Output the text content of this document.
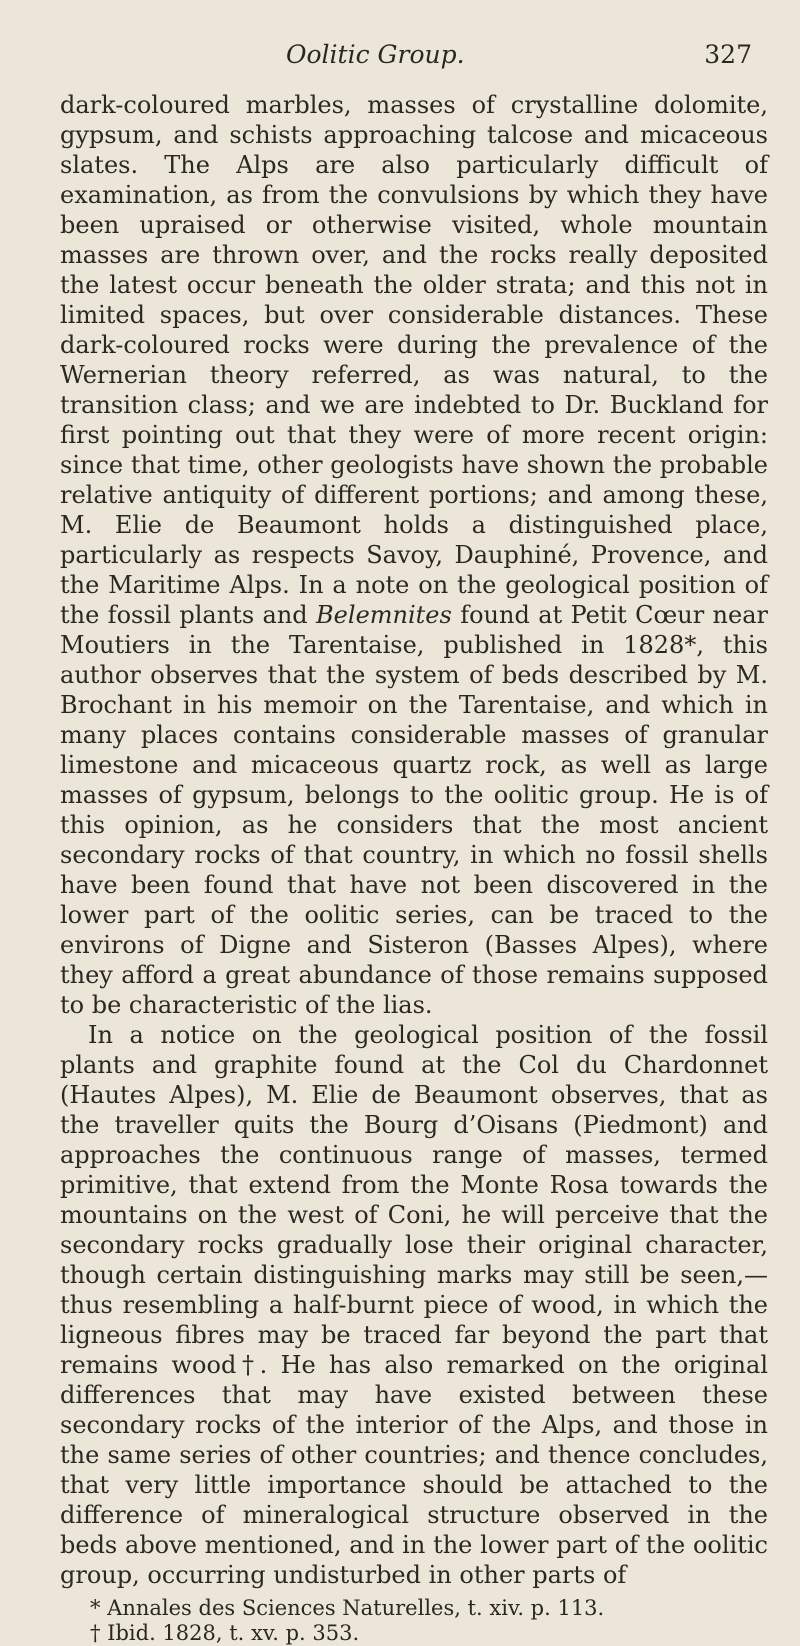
Oolitic Group.	327

dark-coloured marbles, masses of crystalline dolomite, gypsum, and schists approaching talcose and micaceous slates. The Alps are also particularly difficult of examination, as from the convulsions by which they have been upraised or otherwise visited, whole mountain masses are thrown over, and the rocks really deposited the latest occur beneath the older strata; and this not in limited spaces, but over considerable distances. These dark-coloured rocks were during the prevalence of the Wernerian theory referred, as was natural, to the transition class; and we are indebted to Dr. Buckland for first pointing out that they were of more recent origin: since that time, other geologists have shown the probable relative antiquity of different portions; and among these, M. Elie de Beaumont holds a distinguished place, particularly as respects Savoy, Dauphiné, Provence, and the Maritime Alps. In a note on the geological position of the fossil plants and Belemnites found at Petit Cœur near Moutiers in the Tarentaise, published in 1828*, this author observes that the system of beds described by M. Brochant in his memoir on the Tarentaise, and which in many places contains considerable masses of granular limestone and micaceous quartz rock, as well as large masses of gypsum, belongs to the oolitic group. He is of this opinion, as he considers that the most ancient secondary rocks of that country, in which no fossil shells have been found that have not been discovered in the lower part of the oolitic series, can be traced to the environs of Digne and Sisteron (Basses Alpes), where they afford a great abundance of those remains supposed to be characteristic of the lias.

In a notice on the geological position of the fossil plants and graphite found at the Col du Chardonnet (Hautes Alpes), M. Elie de Beaumont observes, that as the traveller quits the Bourg d’Oisans (Piedmont) and approaches the continuous range of masses, termed primitive, that extend from the Monte Rosa towards the mountains on the west of Coni, he will perceive that the secondary rocks gradually lose their original character, though certain distinguishing marks may still be seen,—thus resembling a half-burnt piece of wood, in which the ligneous fibres may be traced far beyond the part that remains wood†. He has also remarked on the original differences that may have existed between these secondary rocks of the interior of the Alps, and those in the same series of other countries; and thence concludes, that very little importance should be attached to the difference of mineralogical structure observed in the beds above mentioned, and in the lower part of the oolitic group, occurring undisturbed in other parts of

* Annales des Sciences Naturelles, t. xiv. p. 113.
† Ibid. 1828, t. xv. p. 353.
